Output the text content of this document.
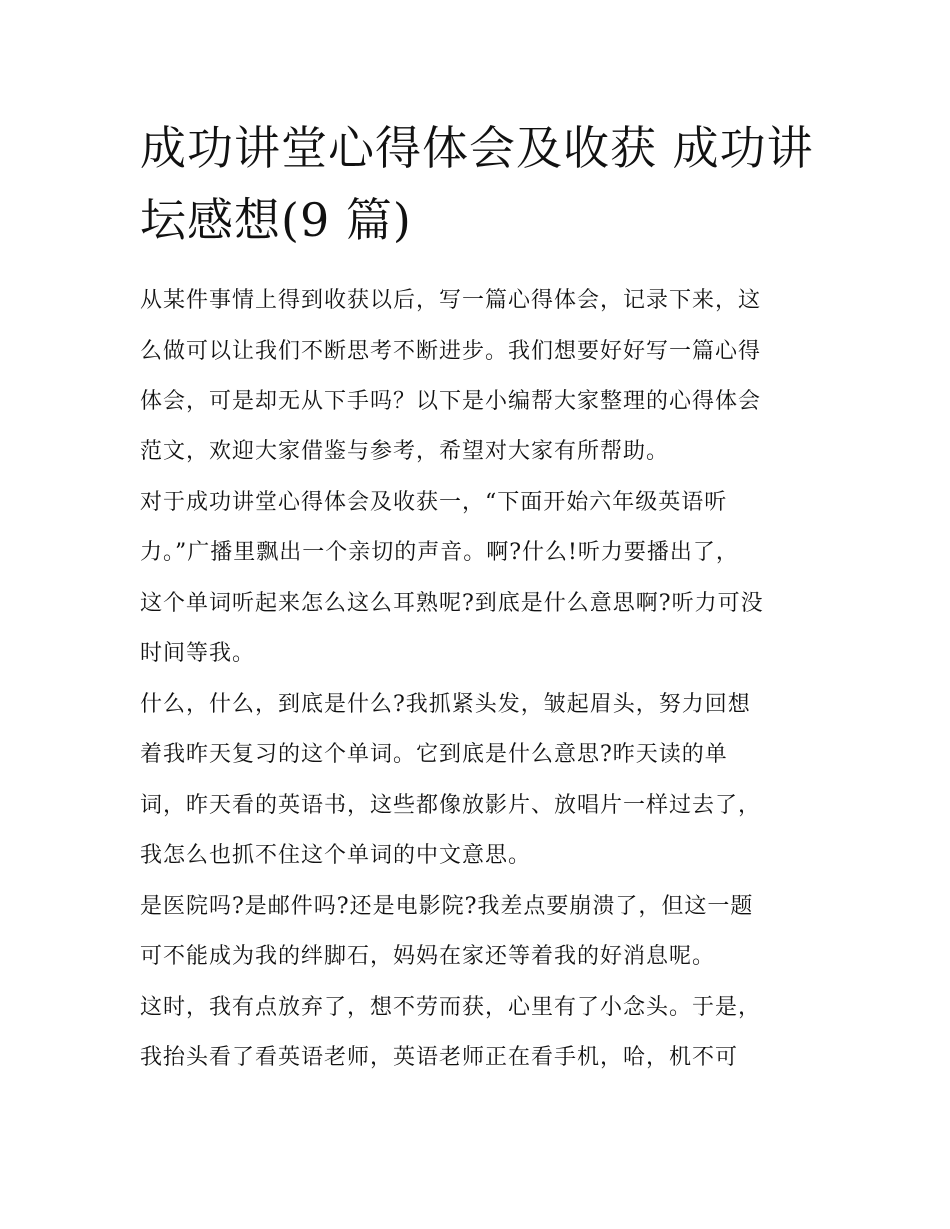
成功讲堂心得体会及收获 成功讲坛感想(9 篇)

从某件事情上得到收获以后，写一篇心得体会，记录下来，这

么做可以让我们不断思考不断进步。我们想要好好写一篇心得

体会，可是却无从下手吗？以下是小编帮大家整理的心得体会

范文，欢迎大家借鉴与参考，希望对大家有所帮助。

对于成功讲堂心得体会及收获一，“下面开始六年级英语听

力。”广播里飘出一个亲切的声音。啊?什么!听力要播出了，

这个单词听起来怎么这么耳熟呢?到底是什么意思啊?听力可没

时间等我。

什么，什么，到底是什么?我抓紧头发，皱起眉头，努力回想

着我昨天复习的这个单词。它到底是什么意思?昨天读的单

词，昨天看的英语书，这些都像放影片、放唱片一样过去了，

我怎么也抓不住这个单词的中文意思。

是医院吗?是邮件吗?还是电影院?我差点要崩溃了，但这一题

可不能成为我的绊脚石，妈妈在家还等着我的好消息呢。

这时，我有点放弃了，想不劳而获，心里有了小念头。于是，

我抬头看了看英语老师，英语老师正在看手机，哈，机不可
